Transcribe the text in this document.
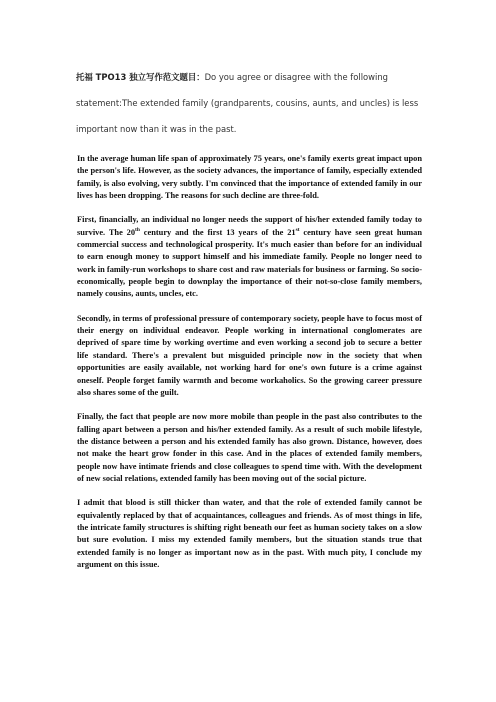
托福 TPO13 独立写作范文题目：Do you agree or disagree with the following
statement:The extended family (grandparents, cousins, aunts, and uncles) is less
important now than it was in the past.

In the average human life span of approximately 75 years, one's family exerts great impact upon the person's life. However, as the society advances, the importance of family, especially extended family, is also evolving, very subtly. I'm convinced that the importance of extended family in our lives has been dropping. The reasons for such decline are three-fold.

First, financially, an individual no longer needs the support of his/her extended family today to survive. The 20th century and the first 13 years of the 21st century have seen great human commercial success and technological prosperity. It's much easier than before for an individual to earn enough money to support himself and his immediate family. People no longer need to work in family-run workshops to share cost and raw materials for business or farming. So socio-economically, people begin to downplay the importance of their not-so-close family members, namely cousins, aunts, uncles, etc.

Secondly, in terms of professional pressure of contemporary society, people have to focus most of their energy on individual endeavor. People working in international conglomerates are deprived of spare time by working overtime and even working a second job to secure a better life standard. There's a prevalent but misguided principle now in the society that when opportunities are easily available, not working hard for one's own future is a crime against oneself. People forget family warmth and become workaholics. So the growing career pressure also shares some of the guilt.

Finally, the fact that people are now more mobile than people in the past also contributes to the falling apart between a person and his/her extended family. As a result of such mobile lifestyle, the distance between a person and his extended family has also grown. Distance, however, does not make the heart grow fonder in this case. And in the places of extended family members, people now have intimate friends and close colleagues to spend time with. With the development of new social relations, extended family has been moving out of the social picture.

I admit that blood is still thicker than water, and that the role of extended family cannot be equivalently replaced by that of acquaintances, colleagues and friends. As of most things in life, the intricate family structures is shifting right beneath our feet as human society takes on a slow but sure evolution. I miss my extended family members, but the situation stands true that extended family is no longer as important now as in the past. With much pity, I conclude my argument on this issue.
